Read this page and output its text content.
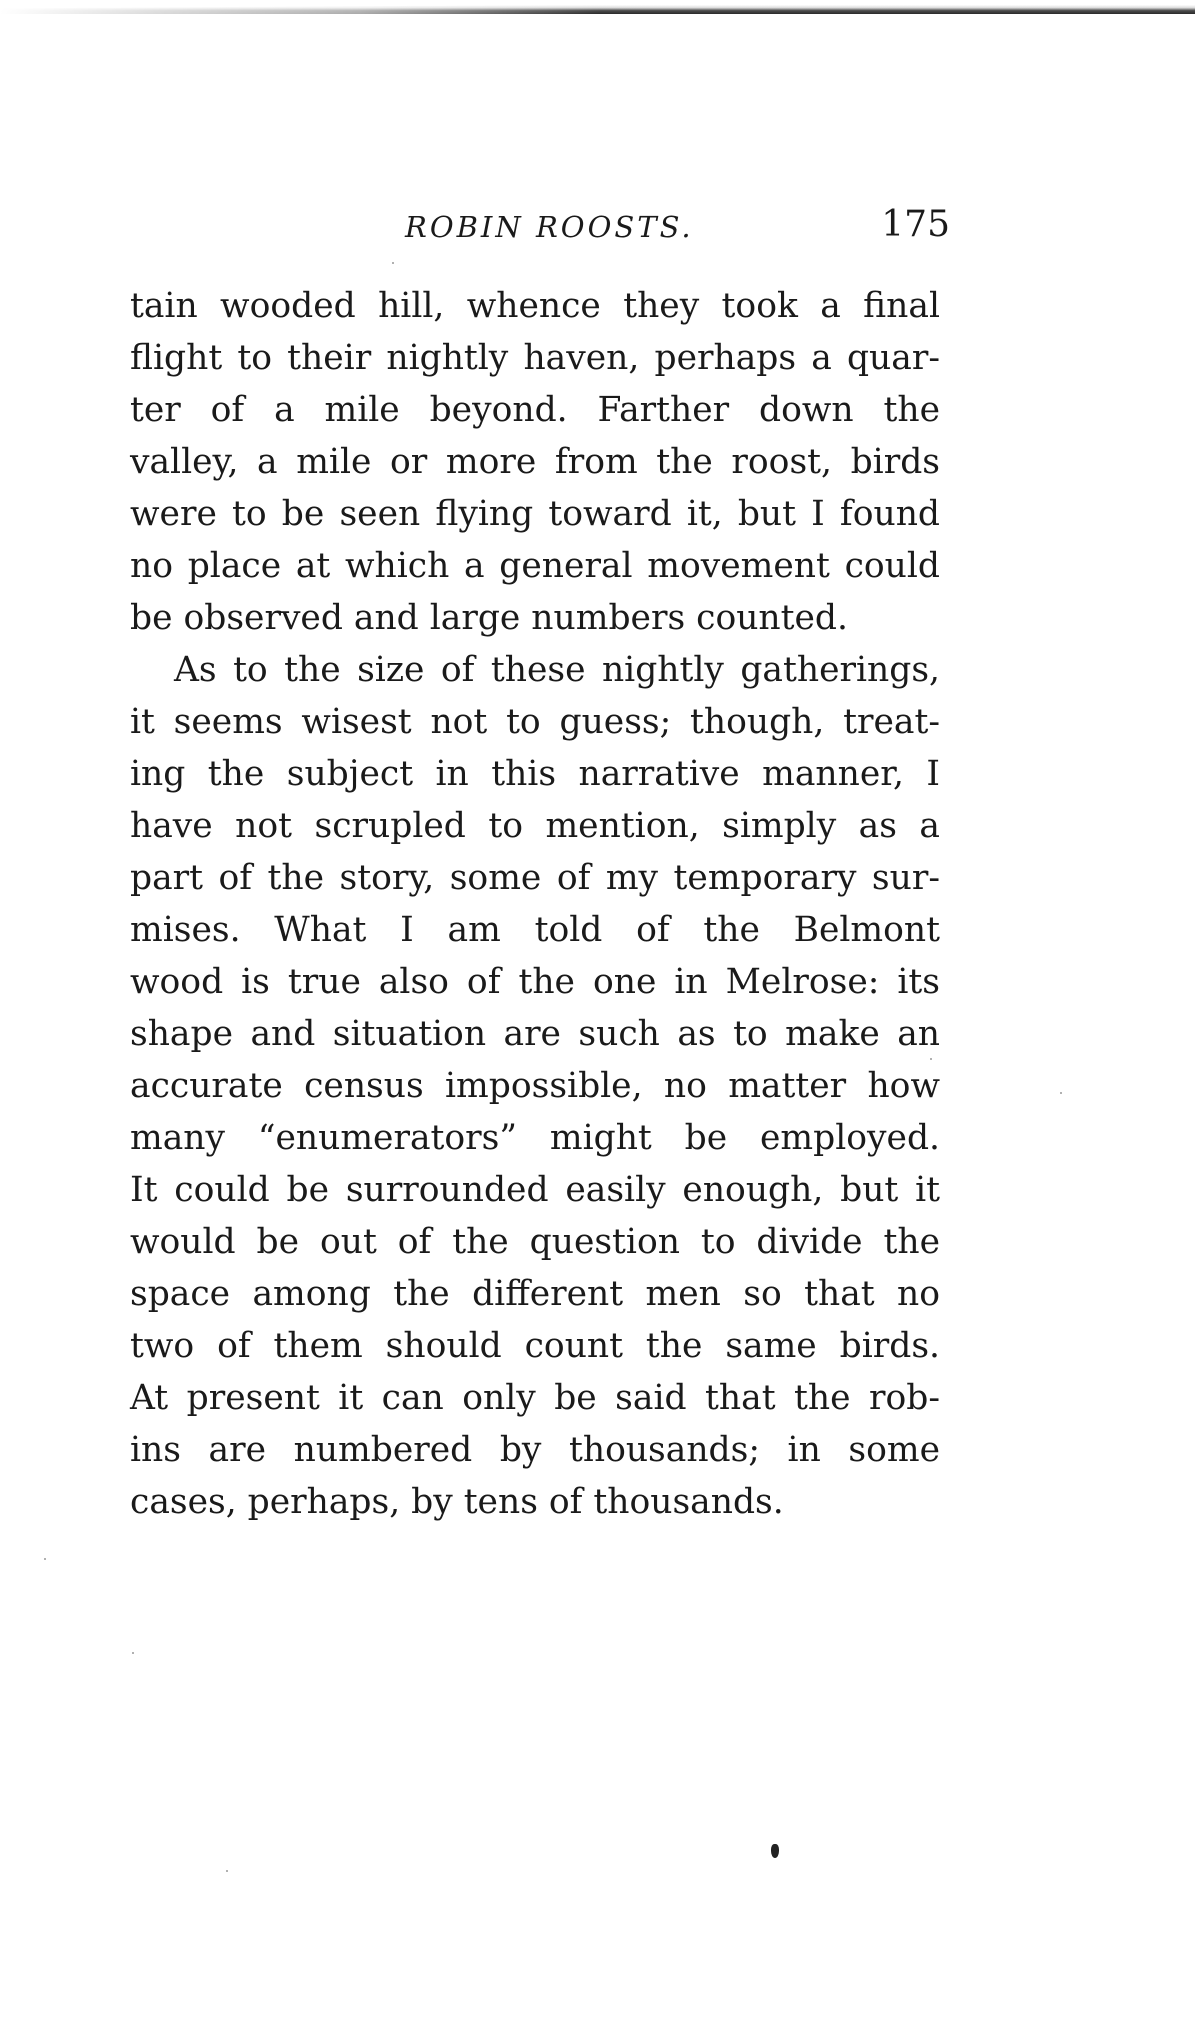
ROBIN ROOSTS.	175
tain wooded hill, whence they took a final
flight to their nightly haven, perhaps a quar-
ter of a mile beyond. Farther down the
valley, a mile or more from the roost, birds
were to be seen flying toward it, but I found
no place at which a general movement could
be observed and large numbers counted.
As to the size of these nightly gatherings,
it seems wisest not to guess; though, treat-
ing the subject in this narrative manner, I
have not scrupled to mention, simply as a
part of the story, some of my temporary sur-
mises. What I am told of the Belmont
wood is true also of the one in Melrose: its
shape and situation are such as to make an
accurate census impossible, no matter how
many “enumerators” might be employed.
It could be surrounded easily enough, but it
would be out of the question to divide the
space among the different men so that no
two of them should count the same birds.
At present it can only be said that the rob-
ins are numbered by thousands; in some
cases, perhaps, by tens of thousands.
